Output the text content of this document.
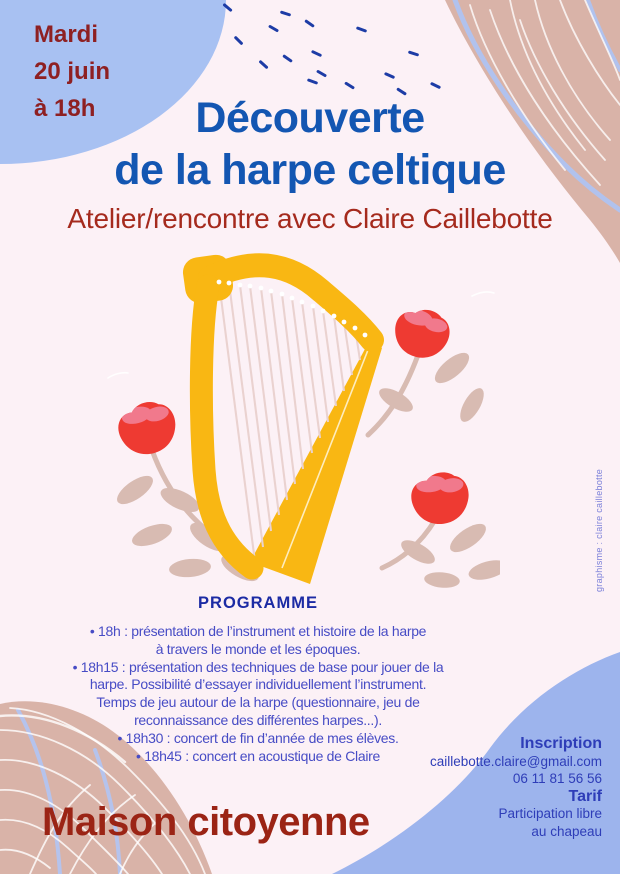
Mardi
20 juin
à 18h	Découverte
de la harpe celtique
Atelier/rencontre avec Claire Caillebotte
PROGRAMME
• 18h : présentation de l’instrument et histoire de la harpe
à travers le monde et les époques.
• 18h15 : présentation des techniques de base pour jouer de la
harpe. Possibilité d’essayer individuellement l’instrument.
Temps de jeu autour de la harpe (questionnaire, jeu de
reconnaissance des différentes harpes...).
• 18h30 : concert de fin d’année de mes élèves.
• 18h45 : concert en acoustique de Claire
Inscription
caillebotte.claire@gmail.com
06 11 81 56 56
Tarif
Participation libre
au chapeau
Maison citoyenne
graphisme : claire caillebotte
